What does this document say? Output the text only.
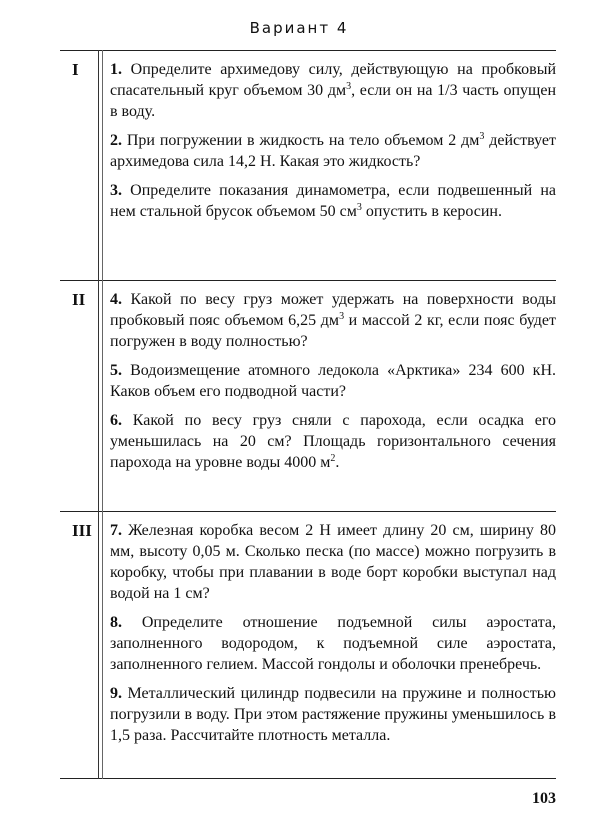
Вариант 4
I	1. Определите архимедову силу, действующую на пробковый спасательный круг объемом 30 $дм^3$, если он на 1/3 часть опущен в воду.

2. При погружении в жидкость на тело объемом 2 $дм^3$ действует архимедова сила 14,2 Н. Какая это жидкость?

3. Определите показания динамометра, если подвешенный на нем стальной брусок объемом 50 $см^3$ опустить в керосин.

II	4. Какой по весу груз может удержать на поверхности воды пробковый пояс объемом 6,25 $дм^3$ и массой 2 кг, если пояс будет погружен в воду полностью?

5. Водоизмещение атомного ледокола «Арктика» 234 600 кН. Каков объем его подводной части?

6. Какой по весу груз сняли с парохода, если осадка его уменьшилась на 20 см? Площадь горизонтального сечения парохода на уровне воды 4000 $м^2$.

III	7. Железная коробка весом 2 Н имеет длину 20 см, ширину 80 мм, высоту 0,05 м. Сколько песка (по массе) можно погрузить в коробку, чтобы при плавании в воде борт коробки выступал над водой на 1 см?

8. Определите отношение подъемной силы аэростата, заполненного водородом, к подъемной силе аэростата, заполненного гелием. Массой гондолы и оболочки пренебречь.

9. Металлический цилиндр подвесили на пружине и полностью погрузили в воду. При этом растяжение пружины уменьшилось в 1,5 раза. Рассчитайте плотность металла.

103
